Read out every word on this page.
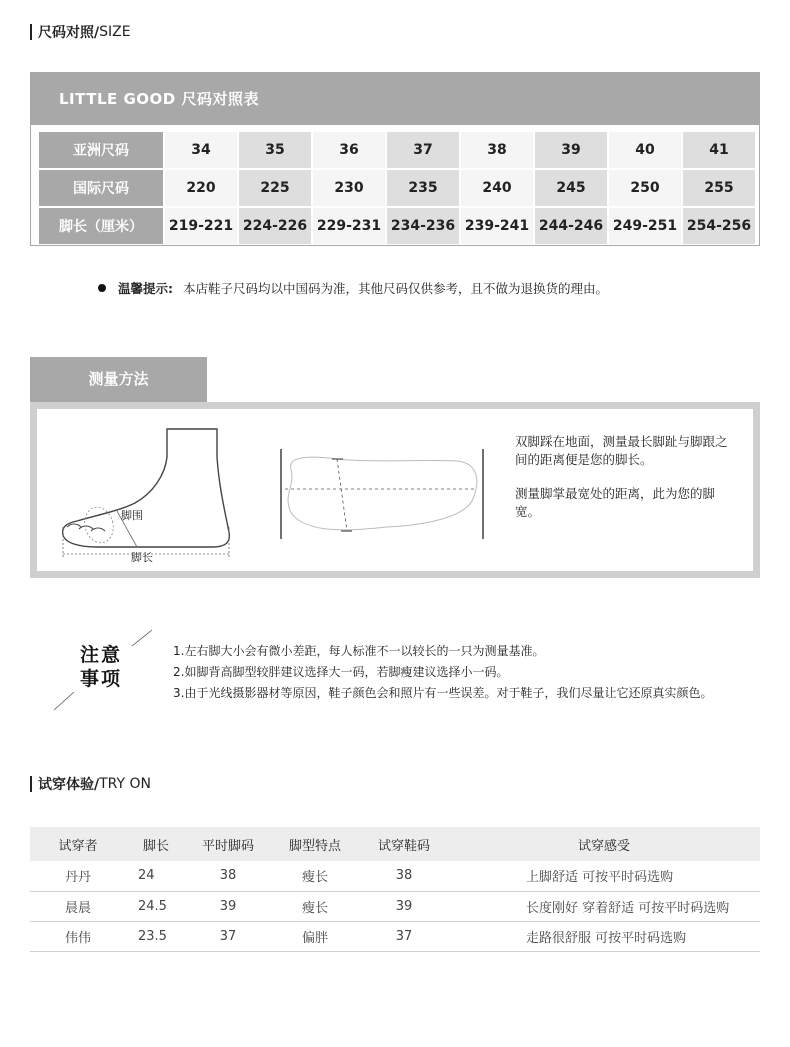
尺码对照/ SIZE
LITTLE GOOD 尺码对照表
亚洲尺码	34	35	36	37	38	39	40	41
国际尺码	220	225	230	235	240	245	250	255
脚长（厘米）	219-221	224-226	229-231	234-236	239-241	244-246	249-251	254-256
温馨提示: 本店鞋子尺码均以中国码为准，其他尺码仅供参考，且不做为退换货的理由。
测量方法
脚围
脚长
双脚踩在地面，测量最长脚趾与脚跟之间的距离便是您的脚长。
测量脚掌最宽处的距离，此为您的脚宽。
注意
事项
1.左右脚大小会有微小差距，每人标准不一以较长的一只为测量基准。
2.如脚背高脚型较胖建议选择大一码，若脚瘦建议选择小一码。
3.由于光线摄影器材等原因，鞋子颜色会和照片有一些误差。对于鞋子，我们尽量让它还原真实颜色。
试穿体验/ TRY ON
试穿者	脚长	平时脚码	脚型特点	试穿鞋码	试穿感受
丹丹	24	38	瘦长	38	上脚舒适 可按平时码选购
晨晨	24.5	39	瘦长	39	长度刚好 穿着舒适 可按平时码选购
伟伟	23.5	37	偏胖	37	走路很舒服 可按平时码选购
